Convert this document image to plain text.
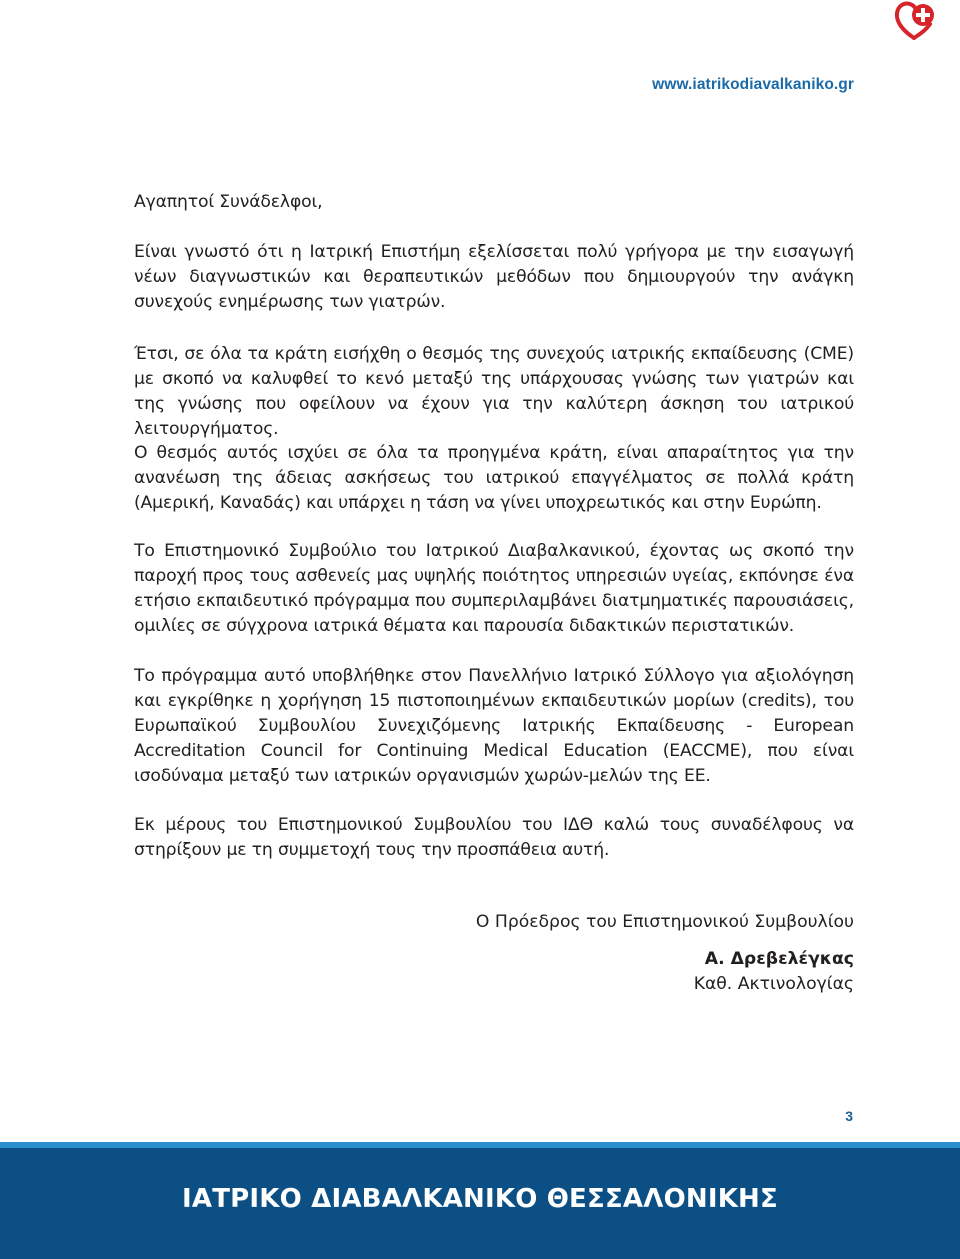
www.iatrikodiavalkaniko.gr

Αγαπητοί Συνάδελφοι,

Είναι γνωστό ότι η Ιατρική Επιστήμη εξελίσσεται πολύ γρήγορα με την εισαγωγή νέων διαγνωστικών και θεραπευτικών μεθόδων που δημιουργούν την ανάγκη συνεχούς ενημέρωσης των γιατρών.

Έτσι, σε όλα τα κράτη εισήχθη ο θεσμός της συνεχούς ιατρικής εκπαίδευσης (CME) με σκοπό να καλυφθεί το κενό μεταξύ της υπάρχουσας γνώσης των γιατρών και της γνώσης που οφείλουν να έχουν για την καλύτερη άσκηση του ιατρικού λειτουργήματος.

Ο θεσμός αυτός ισχύει σε όλα τα προηγμένα κράτη, είναι απαραίτητος για την ανανέωση της άδειας ασκήσεως του ιατρικού επαγγέλματος σε πολλά κράτη (Αμερική, Καναδάς) και υπάρχει η τάση να γίνει υποχρεωτικός και στην Ευρώπη.

Το Επιστημονικό Συμβούλιο του Ιατρικού Διαβαλκανικού, έχοντας ως σκοπό την παροχή προς τους ασθενείς μας υψηλής ποιότητος υπηρεσιών υγείας, εκπόνησε ένα ετήσιο εκπαιδευτικό πρόγραμμα που συμπεριλαμβάνει διατμηματικές παρουσιάσεις, ομιλίες σε σύγχρονα ιατρικά θέματα και παρουσία διδακτικών περιστατικών.

Το πρόγραμμα αυτό υποβλήθηκε στον Πανελλήνιο Ιατρικό Σύλλογο για αξιολόγηση και εγκρίθηκε η χορήγηση 15 πιστοποιημένων εκπαιδευτικών μορίων (credits), του Ευρωπαϊκού Συμβουλίου Συνεχιζόμενης Ιατρικής Εκπαίδευσης - European Accreditation Council for Continuing Medical Education (EACCME), που είναι ισοδύναμα μεταξύ των ιατρικών οργανισμών χωρών-μελών της ΕΕ.

Εκ μέρους του Επιστημονικού Συμβουλίου του ΙΔΘ καλώ τους συναδέλφους να στηρίξουν με τη συμμετοχή τους την προσπάθεια αυτή.

Ο Πρόεδρος του Επιστημονικού Συμβουλίου
Α. Δρεβελέγκας
Καθ. Ακτινολογίας
3
ΙΑΤΡΙΚΟ ΔΙΑΒΑΛΚΑΝΙΚΟ ΘΕΣΣΑΛΟΝΙΚΗΣ
